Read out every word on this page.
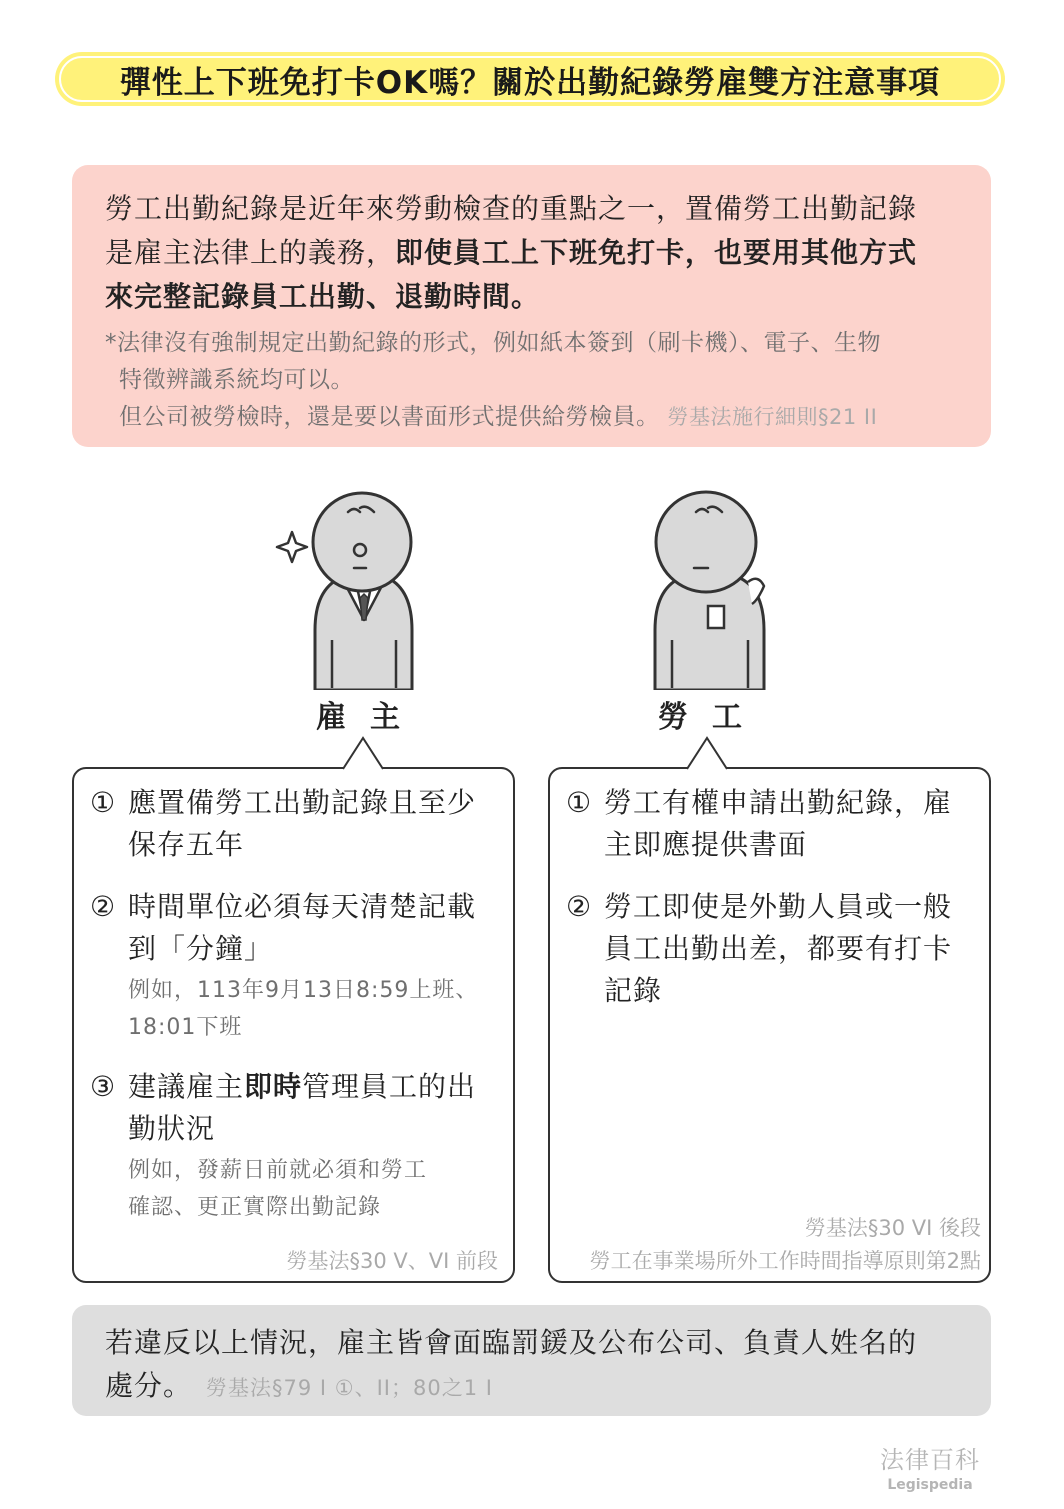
彈性上下班免打卡OK嗎？關於出勤紀錄勞雇雙方注意事項
勞工出勤紀錄是近年來勞動檢查的重點之一，置備勞工出勤記錄
是雇主法律上的義務，即使員工上下班免打卡，也要用其他方式
來完整記錄員工出勤、退勤時間。
*法律沒有強制規定出勤紀錄的形式，例如紙本簽到（刷卡機）、電子、生物
特徵辨識系統均可以。
但公司被勞檢時，還是要以書面形式提供給勞檢員。 勞基法施行細則§21 II
雇主	勞工
① 應置備勞工出勤記錄且至少
保存五年
② 時間單位必須每天清楚記載
到「分鐘」
例如，113年9月13日8:59上班、
18:01下班
③ 建議雇主即時管理員工的出
勤狀況
例如，發薪日前就必須和勞工
確認、更正實際出勤記錄
勞基法§30 V、VI 前段
① 勞工有權申請出勤紀錄，雇
主即應提供書面
② 勞工即使是外勤人員或一般
員工出勤出差，都要有打卡
記錄
勞基法§30 VI 後段
勞工在事業場所外工作時間指導原則第2點
若違反以上情況，雇主皆會面臨罰鍰及公布公司、負責人姓名的
處分。 勞基法§79 I ①、II；80之1 I
法律百科
Legispedia
